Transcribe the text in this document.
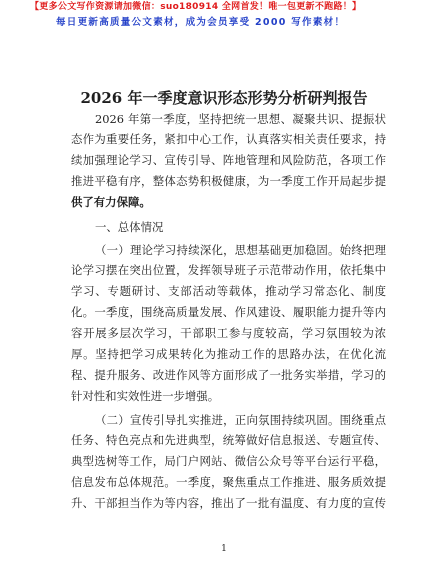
【更多公文写作资源请加微信：suo180914 全网首发！唯一包更新不跑路！】
每日更新高质量公文素材，成为会员享受 2000 写作素材！
2026 年一季度意识形态形势分析研判报告
2026 年第一季度，坚持把统一思想、凝聚共识、提振状
态作为重要任务，紧扣中心工作，认真落实相关责任要求，持
续加强理论学习、宣传引导、阵地管理和风险防范，各项工作
推进平稳有序，整体态势积极健康，为一季度工作开局起步提
供了有力保障。
一、总体情况
（一）理论学习持续深化，思想基础更加稳固。始终把理
论学习摆在突出位置，发挥领导班子示范带动作用，依托集中
学习、专题研讨、支部活动等载体，推动学习常态化、制度
化。一季度，围绕高质量发展、作风建设、履职能力提升等内
容开展多层次学习，干部职工参与度较高，学习氛围较为浓
厚。坚持把学习成果转化为推动工作的思路办法，在优化流
程、提升服务、改进作风等方面形成了一批务实举措，学习的
针对性和实效性进一步增强。
（二）宣传引导扎实推进，正向氛围持续巩固。围绕重点
任务、特色亮点和先进典型，统筹做好信息报送、专题宣传、
典型选树等工作，局门户网站、微信公众号等平台运行平稳，
信息发布总体规范。一季度，聚焦重点工作推进、服务质效提
升、干部担当作为等内容，推出了一批有温度、有力度的宣传
1
